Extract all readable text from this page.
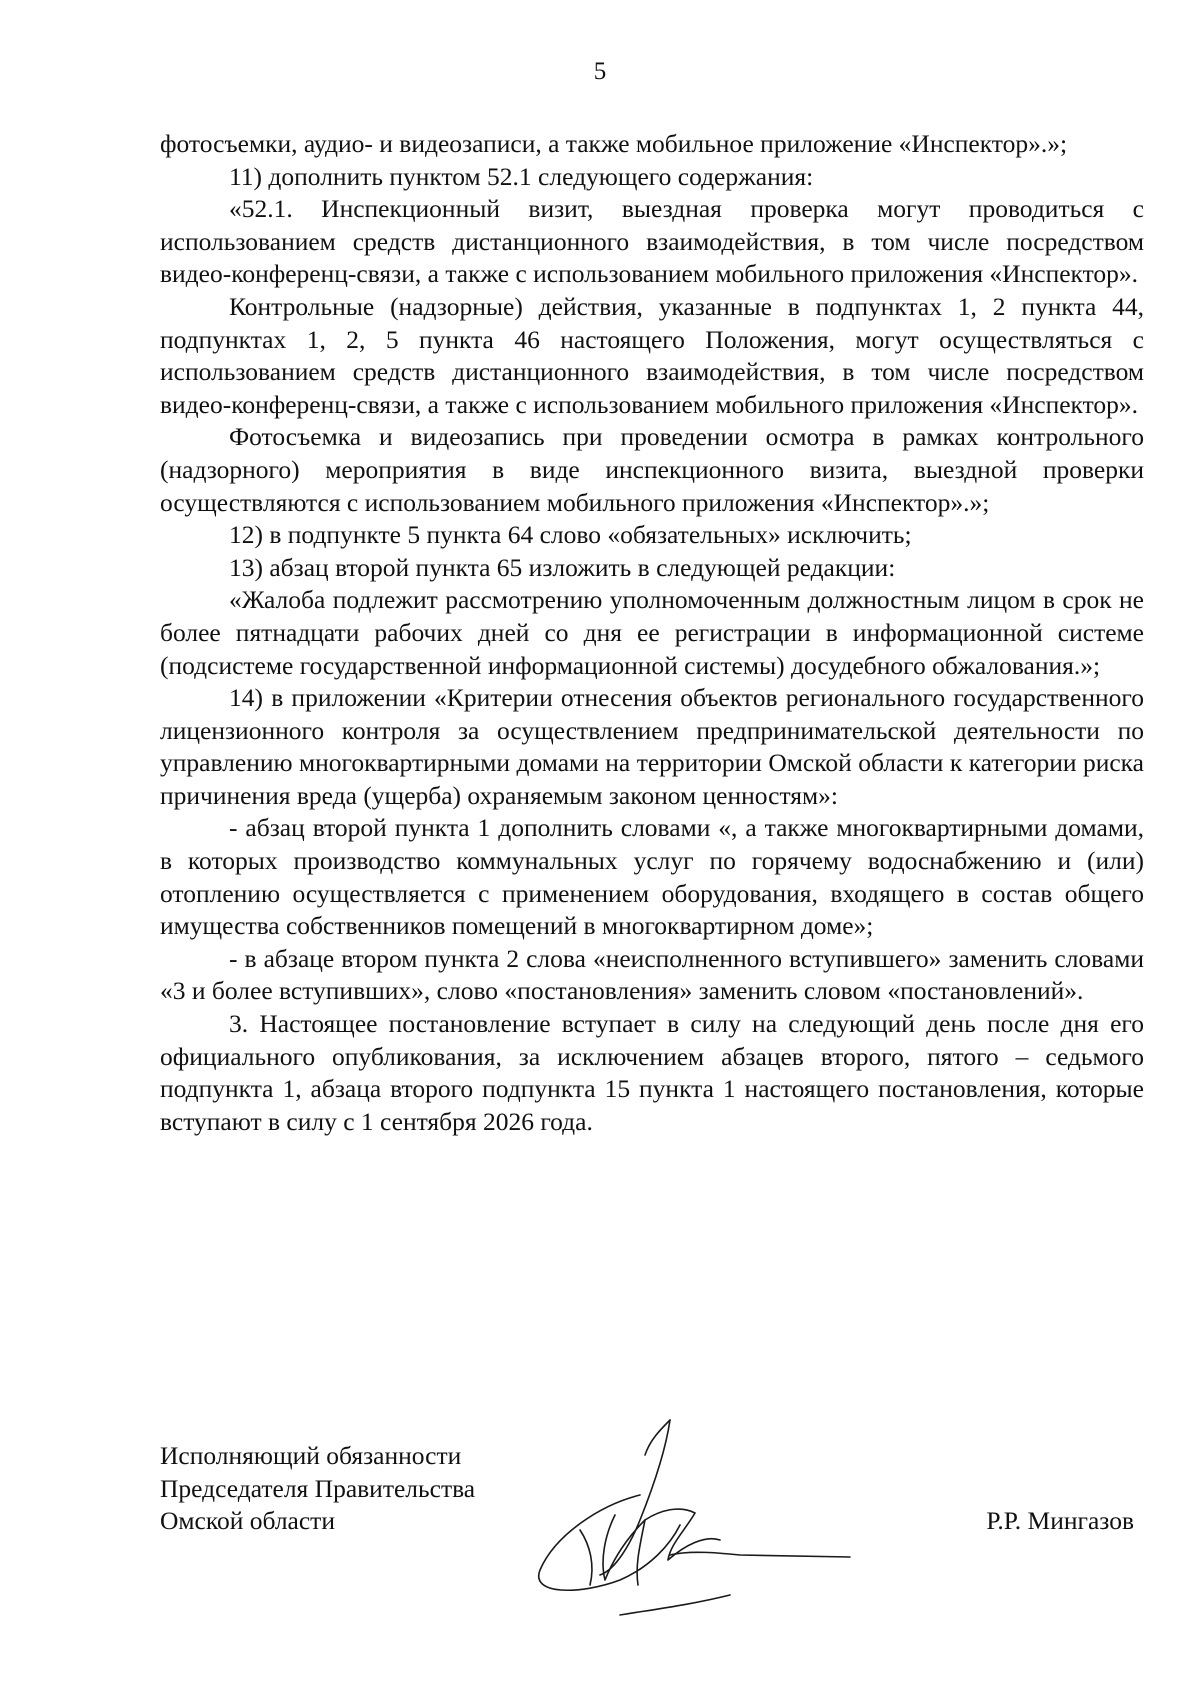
5

фотосъемки, аудио- и видеозаписи, а также мобильное приложение «Инспектор».»;

11) дополнить пунктом 52.1 следующего содержания:

«52.1. Инспекционный визит, выездная проверка могут проводиться с использованием средств дистанционного взаимодействия, в том числе посредством видео-конференц-связи, а также с использованием мобильного приложения «Инспектор».

Контрольные (надзорные) действия, указанные в подпунктах 1, 2 пункта 44, подпунктах 1, 2, 5 пункта 46 настоящего Положения, могут осуществляться с использованием средств дистанционного взаимодействия, в том числе посредством видео-конференц-связи, а также с использованием мобильного приложения «Инспектор».

Фотосъемка и видеозапись при проведении осмотра в рамках контрольного (надзорного) мероприятия в виде инспекционного визита, выездной проверки осуществляются с использованием мобильного приложения «Инспектор».»;

12) в подпункте 5 пункта 64 слово «обязательных» исключить;

13) абзац второй пункта 65 изложить в следующей редакции:

«Жалоба подлежит рассмотрению уполномоченным должностным лицом в срок не более пятнадцати рабочих дней со дня ее регистрации в информационной системе (подсистеме государственной информационной системы) досудебного обжалования.»;

14) в приложении «Критерии отнесения объектов регионального государственного лицензионного контроля за осуществлением предпринимательской деятельности по управлению многоквартирными домами на территории Омской области к категории риска причинения вреда (ущерба) охраняемым законом ценностям»:

- абзац второй пункта 1 дополнить словами «, а также многоквартирными домами, в которых производство коммунальных услуг по горячему водоснабжению и (или) отоплению осуществляется с применением оборудования, входящего в состав общего имущества собственников помещений в многоквартирном доме»;

- в абзаце втором пункта 2 слова «неисполненного вступившего» заменить словами «3 и более вступивших», слово «постановления» заменить словом «постановлений».

3. Настоящее постановление вступает в силу на следующий день после дня его официального опубликования, за исключением абзацев второго, пятого – седьмого подпункта 1, абзаца второго подпункта 15 пункта 1 настоящего постановления, которые вступают в силу с 1 сентября 2026 года.

Исполняющий обязанности
Председателя Правительства
Омской области	Р.Р. Мингазов
